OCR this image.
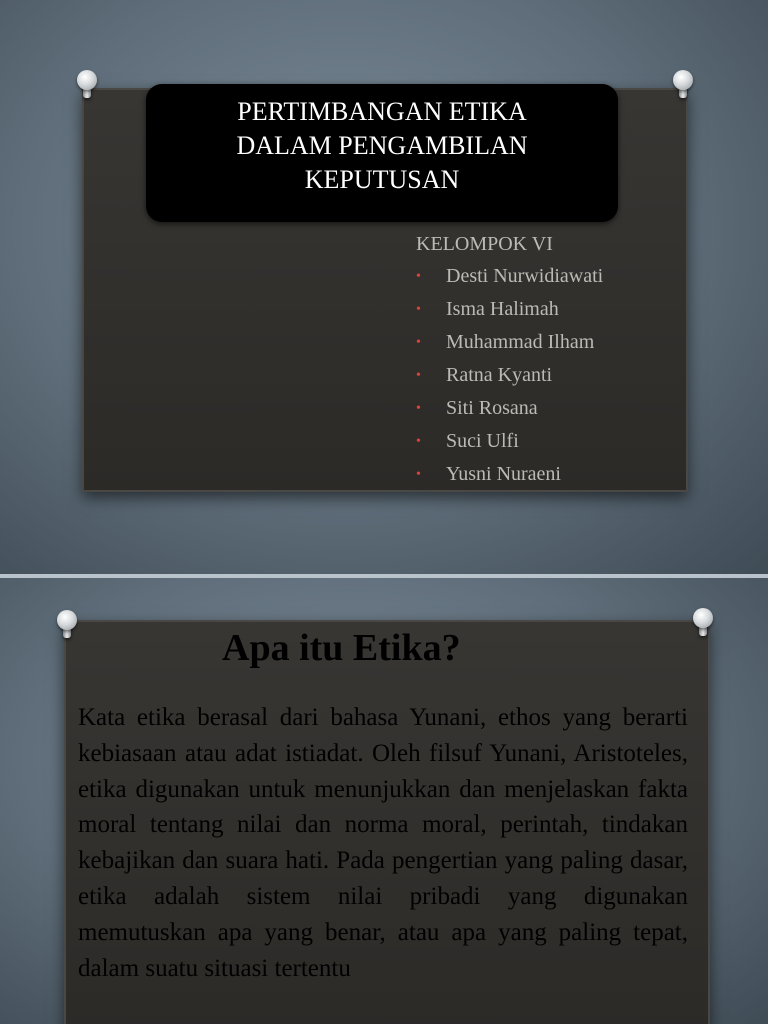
PERTIMBANGAN ETIKA
DALAM PENGAMBILAN
KEPUTUSAN
KELOMPOK VI
• Desti Nurwidiawati
• Isma Halimah
• Muhammad Ilham
• Ratna Kyanti
• Siti Rosana
• Suci Ulfi
• Yusni Nuraeni
Apa itu Etika?
Kata etika berasal dari bahasa Yunani, ethos yang berarti kebiasaan atau adat istiadat. Oleh filsuf Yunani, Aristoteles, etika digunakan untuk menunjukkan dan menjelaskan fakta moral tentang nilai dan norma moral, perintah, tindakan kebajikan dan suara hati. Pada pengertian yang paling dasar, etika adalah sistem nilai pribadi yang digunakan memutuskan apa yang benar, atau apa yang paling tepat, dalam suatu situasi tertentu
